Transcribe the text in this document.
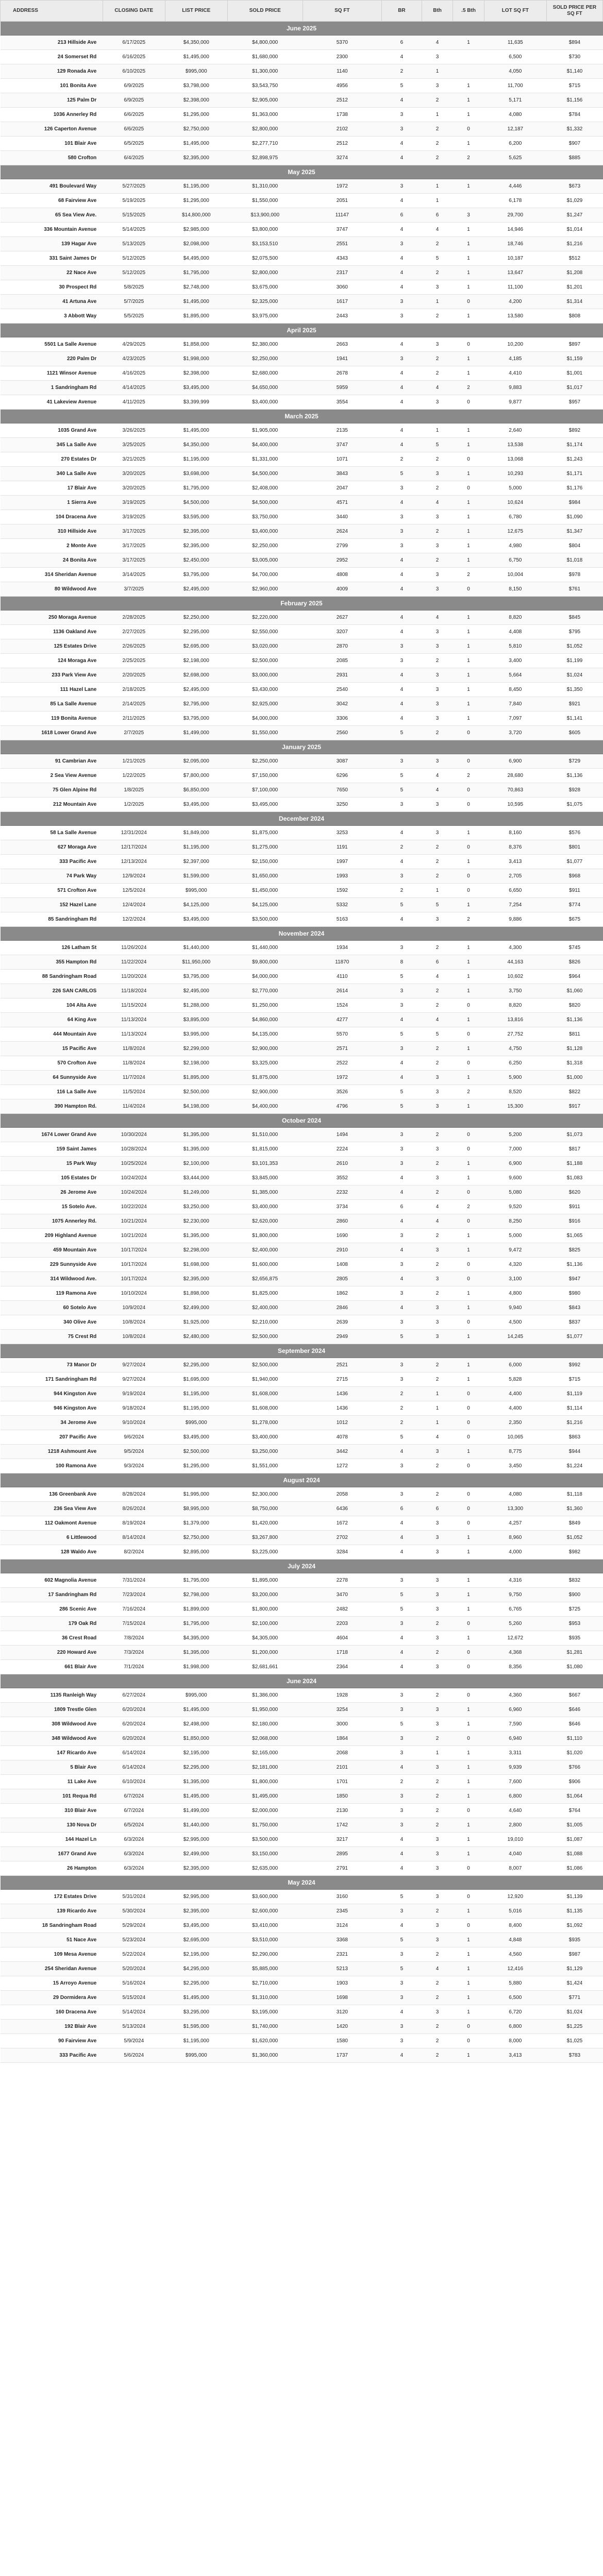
ADDRESS	CLOSING DATE	LIST PRICE	SOLD PRICE	SQ FT	BR	Bth	.5 Bth	LOT SQ FT	SOLD PRICE PER SQ FT
June 2025									
213 Hillside Ave	6/17/2025	$4,350,000	$4,800,000	5370	6	4	1	11,635	$894
24 Somerset Rd	6/16/2025	$1,495,000	$1,680,000	2300	4	3		6,500	$730
129 Ronada Ave	6/10/2025	$995,000	$1,300,000	1140	2	1		4,050	$1,140
101 Bonita Ave	6/9/2025	$3,798,000	$3,543,750	4956	5	3	1	11,700	$715
125 Palm Dr	6/9/2025	$2,398,000	$2,905,000	2512	4	2	1	5,171	$1,156
1036 Annerley Rd	6/6/2025	$1,295,000	$1,363,000	1738	3	1	1	4,080	$784
126 Caperton Avenue	6/6/2025	$2,750,000	$2,800,000	2102	3	2	0	12,187	$1,332
101 Blair Ave	6/5/2025	$1,495,000	$2,277,710	2512	4	2	1	6,200	$907
580 Crofton	6/4/2025	$2,395,000	$2,898,975	3274	4	2	2	5,625	$885
May 2025									
491 Boulevard Way	5/27/2025	$1,195,000	$1,310,000	1972	3	1	1	4,446	$673
68 Fairview Ave	5/19/2025	$1,295,000	$1,550,000	2051	4	1		6,178	$1,029
65 Sea View Ave.	5/15/2025	$14,800,000	$13,900,000	11147	6	6	3	29,700	$1,247
336 Mountain Avenue	5/14/2025	$2,985,000	$3,800,000	3747	4	4	1	14,946	$1,014
139 Hagar Ave	5/13/2025	$2,098,000	$3,153,510	2551	3	2	1	18,746	$1,216
331 Saint James Dr	5/12/2025	$4,495,000	$2,075,500	4343	4	5	1	10,187	$512
22 Nace Ave	5/12/2025	$1,795,000	$2,800,000	2317	4	2	1	13,647	$1,208
30 Prospect Rd	5/8/2025	$2,748,000	$3,675,000	3060	4	3	1	11,100	$1,201
41 Artuna Ave	5/7/2025	$1,495,000	$2,325,000	1617	3	1	0	4,200	$1,314
3 Abbott Way	5/5/2025	$1,895,000	$3,975,000	2443	3	2	1	13,580	$808
April 2025									
5501 La Salle Avenue	4/29/2025	$1,858,000	$2,380,000	2663	4	3	0	10,200	$897
220 Palm Dr	4/23/2025	$1,998,000	$2,250,000	1941	3	2	1	4,185	$1,159
1121 Winsor Avenue	4/16/2025	$2,398,000	$2,680,000	2678	4	2	1	4,410	$1,001
1 Sandringham Rd	4/14/2025	$3,495,000	$4,650,000	5959	4	4	2	9,883	$1,017
41 Lakeview Avenue	4/11/2025	$3,399,999	$3,400,000	3554	4	3	0	9,877	$957
March 2025									
1035 Grand Ave	3/26/2025	$1,495,000	$1,905,000	2135	4	1	1	2,640	$892
345 La Salle Ave	3/25/2025	$4,350,000	$4,400,000	3747	4	5	1	13,538	$1,174
270 Estates Dr	3/21/2025	$1,195,000	$1,331,000	1071	2	2	0	13,068	$1,243
340 La Salle Ave	3/20/2025	$3,698,000	$4,500,000	3843	5	3	1	10,293	$1,171
17 Blair Ave	3/20/2025	$1,795,000	$2,408,000	2047	3	2	0	5,000	$1,176
1 Sierra Ave	3/19/2025	$4,500,000	$4,500,000	4571	4	4	1	10,624	$984
104 Dracena Ave	3/19/2025	$3,595,000	$3,750,000	3440	3	3	1	6,780	$1,090
310 Hillside Ave	3/17/2025	$2,395,000	$3,400,000	2624	3	2	1	12,675	$1,347
2 Monte Ave	3/17/2025	$2,395,000	$2,250,000	2799	3	3	1	4,980	$804
24 Bonita Ave	3/17/2025	$2,450,000	$3,005,000	2952	4	2	1	6,750	$1,018
314 Sheridan Avenue	3/14/2025	$3,795,000	$4,700,000	4808	4	3	2	10,004	$978
80 Wildwood Ave	3/7/2025	$2,495,000	$2,960,000	4009	4	3	0	8,150	$761
February 2025									
250 Moraga Avenue	2/28/2025	$2,250,000	$2,220,000	2627	4	4	1	8,820	$845
1136 Oakland Ave	2/27/2025	$2,295,000	$2,550,000	3207	4	3	1	4,408	$795
125 Estates Drive	2/26/2025	$2,695,000	$3,020,000	2870	3	3	1	5,810	$1,052
124 Moraga Ave	2/25/2025	$2,198,000	$2,500,000	2085	3	2	1	3,400	$1,199
233 Park View Ave	2/20/2025	$2,698,000	$3,000,000	2931	4	3	1	5,664	$1,024
111 Hazel Lane	2/18/2025	$2,495,000	$3,430,000	2540	4	3	1	8,450	$1,350
85 La Salle Avenue	2/14/2025	$2,795,000	$2,925,000	3042	4	3	1	7,840	$921
119 Bonita Avenue	2/11/2025	$3,795,000	$4,000,000	3306	4	3	1	7,097	$1,141
1618 Lower Grand Ave	2/7/2025	$1,499,000	$1,550,000	2560	5	2	0	3,720	$605
January 2025									
91 Cambrian Ave	1/21/2025	$2,095,000	$2,250,000	3087	3	3	0	6,900	$729
2 Sea View Avenue	1/22/2025	$7,800,000	$7,150,000	6296	5	4	2	28,680	$1,136
75 Glen Alpine Rd	1/8/2025	$6,850,000	$7,100,000	7650	5	4	0	70,863	$928
212 Mountain Ave	1/2/2025	$3,495,000	$3,495,000	3250	3	3	0	10,595	$1,075
December 2024									
58 La Salle Avenue	12/31/2024	$1,849,000	$1,875,000	3253	4	3	1	8,160	$576
627 Moraga Ave	12/17/2024	$1,195,000	$1,275,000	1191	2	2	0	8,376	$801
333 Pacific Ave	12/13/2024	$2,397,000	$2,150,000	1997	4	2	1	3,413	$1,077
74 Park Way	12/9/2024	$1,599,000	$1,650,000	1993	3	2	0	2,705	$968
571 Crofton Ave	12/5/2024	$995,000	$1,450,000	1592	2	1	0	6,650	$911
152 Hazel Lane	12/4/2024	$4,125,000	$4,125,000	5332	5	5	1	7,254	$774
85 Sandringham Rd	12/2/2024	$3,495,000	$3,500,000	5163	4	3	2	9,886	$675
November 2024									
126 Latham St	11/26/2024	$1,440,000	$1,440,000	1934	3	2	1	4,300	$745
355 Hampton Rd	11/22/2024	$11,950,000	$9,800,000	11870	8	6	1	44,163	$826
88 Sandringham Road	11/20/2024	$3,795,000	$4,000,000	4110	5	4	1	10,602	$964
226 SAN CARLOS	11/18/2024	$2,495,000	$2,770,000	2614	3	2	1	3,750	$1,060
104 Alta Ave	11/15/2024	$1,288,000	$1,250,000	1524	3	2	0	8,820	$820
64 King Ave	11/13/2024	$3,895,000	$4,860,000	4277	4	4	1	13,816	$1,136
444 Mountain Ave	11/13/2024	$3,995,000	$4,135,000	5570	5	5	0	27,752	$811
15 Pacific Ave	11/8/2024	$2,299,000	$2,900,000	2571	3	2	1	4,750	$1,128
570 Crofton Ave	11/8/2024	$2,198,000	$3,325,000	2522	4	2	0	6,250	$1,318
64 Sunnyside Ave	11/7/2024	$1,895,000	$1,875,000	1972	4	3	1	5,900	$1,000
116 La Salle Ave	11/5/2024	$2,500,000	$2,900,000	3526	5	3	2	8,520	$822
390 Hampton Rd.	11/4/2024	$4,198,000	$4,400,000	4796	5	3	1	15,300	$917
October 2024									
1674 Lower Grand Ave	10/30/2024	$1,395,000	$1,510,000	1494	3	2	0	5,200	$1,073
159 Saint James	10/28/2024	$1,395,000	$1,815,000	2224	3	3	0	7,000	$817
15 Park Way	10/25/2024	$2,100,000	$3,101,353	2610	3	2	1	6,900	$1,188
105 Estates Dr	10/24/2024	$3,444,000	$3,845,000	3552	4	3	1	9,600	$1,083
26 Jerome Ave	10/24/2024	$1,249,000	$1,385,000	2232	4	2	0	5,080	$620
15 Sotelo Ave.	10/22/2024	$3,250,000	$3,400,000	3734	6	4	2	9,520	$911
1075 Annerley Rd.	10/21/2024	$2,230,000	$2,620,000	2860	4	4	0	8,250	$916
209 Highland Avenue	10/21/2024	$1,395,000	$1,800,000	1690	3	2	1	5,000	$1,065
459 Mountain Ave	10/17/2024	$2,298,000	$2,400,000	2910	4	3	1	9,472	$825
229 Sunnyside Ave	10/17/2024	$1,698,000	$1,600,000	1408	3	2	0	4,320	$1,136
314 Wildwood Ave.	10/17/2024	$2,395,000	$2,656,875	2805	4	3	0	3,100	$947
119 Ramona Ave	10/10/2024	$1,898,000	$1,825,000	1862	3	2	1	4,800	$980
60 Sotelo Ave	10/9/2024	$2,499,000	$2,400,000	2846	4	3	1	9,940	$843
340 Olive Ave	10/8/2024	$1,925,000	$2,210,000	2639	3	3	0	4,500	$837
75 Crest Rd	10/8/2024	$2,480,000	$2,500,000	2949	5	3	1	14,245	$1,077
September 2024									
73 Manor Dr	9/27/2024	$2,295,000	$2,500,000	2521	3	2	1	6,000	$992
171 Sandringham Rd	9/27/2024	$1,695,000	$1,940,000	2715	3	2	1	5,828	$715
944 Kingston Ave	9/19/2024	$1,195,000	$1,608,000	1436	2	1	0	4,400	$1,119
946 Kingston Ave	9/18/2024	$1,195,000	$1,608,000	1436	2	1	0	4,400	$1,114
34 Jerome Ave	9/10/2024	$995,000	$1,278,000	1012	2	1	0	2,350	$1,216
207 Pacific Ave	9/6/2024	$3,495,000	$3,400,000	4078	5	4	0	10,065	$863
1218 Ashmount Ave	9/5/2024	$2,500,000	$3,250,000	3442	4	3	1	8,775	$944
100 Ramona Ave	9/3/2024	$1,295,000	$1,551,000	1272	3	2	0	3,450	$1,224
August 2024									
136 Greenbank Ave	8/28/2024	$1,995,000	$2,300,000	2058	3	2	0	4,080	$1,118
236 Sea View Ave	8/26/2024	$8,995,000	$8,750,000	6436	6	6	0	13,300	$1,360
112 Oakmont Avenue	8/19/2024	$1,379,000	$1,420,000	1672	4	3	0	4,257	$849
6 Littlewood	8/14/2024	$2,750,000	$3,267,800	2702	4	3	1	8,960	$1,052
128 Waldo Ave	8/2/2024	$2,895,000	$3,225,000	3284	4	3	1	4,000	$982
July 2024									
602 Magnolia Avenue	7/31/2024	$1,795,000	$1,895,000	2278	3	3	1	4,316	$832
17 Sandringham Rd	7/23/2024	$2,798,000	$3,200,000	3470	5	3	1	9,750	$900
286 Scenic Ave	7/16/2024	$1,899,000	$1,800,000	2482	5	3	1	6,765	$725
179 Oak Rd	7/15/2024	$1,795,000	$2,100,000	2203	3	2	0	5,260	$953
36 Crest Road	7/8/2024	$4,395,000	$4,305,000	4604	4	3	1	12,672	$935
220 Howard Ave	7/3/2024	$1,395,000	$1,200,000	1718	4	2	0	4,368	$1,281
661 Blair Ave	7/1/2024	$1,998,000	$2,681,661	2364	4	3	0	8,356	$1,080
June 2024									
1135 Ranleigh Way	6/27/2024	$995,000	$1,386,000	1928	3	2	0	4,360	$667
1809 Trestle Glen	6/20/2024	$1,495,000	$1,950,000	3254	3	3	1	6,960	$646
308 Wildwood Ave	6/20/2024	$2,498,000	$2,180,000	3000	5	3	1	7,590	$646
348 Wildwood Ave	6/20/2024	$1,850,000	$2,068,000	1864	3	2	0	6,940	$1,110
147 Ricardo Ave	6/14/2024	$2,195,000	$2,165,000	2068	3	1	1	3,311	$1,020
5 Blair Ave	6/14/2024	$2,295,000	$2,181,000	2101	4	3	1	9,939	$766
11 Lake Ave	6/10/2024	$1,395,000	$1,800,000	1701	2	2	1	7,600	$906
101 Requa Rd	6/7/2024	$1,495,000	$1,495,000	1850	3	2	1	6,800	$1,064
310 Blair Ave	6/7/2024	$1,499,000	$2,000,000	2130	3	2	0	4,640	$764
130 Nova Dr	6/5/2024	$1,440,000	$1,750,000	1742	3	2	1	2,800	$1,005
144 Hazel Ln	6/3/2024	$2,995,000	$3,500,000	3217	4	3	1	19,010	$1,087
1677 Grand Ave	6/3/2024	$2,499,000	$3,150,000	2895	4	3	1	4,040	$1,088
26 Hampton	6/3/2024	$2,395,000	$2,635,000	2791	4	3	0	8,007	$1,086
May 2024									
172 Estates Drive	5/31/2024	$2,995,000	$3,600,000	3160	5	3	0	12,920	$1,139
139 Ricardo Ave	5/30/2024	$2,395,000	$2,600,000	2345	3	2	1	5,016	$1,135
18 Sandringham Road	5/29/2024	$3,495,000	$3,410,000	3124	4	3	0	8,400	$1,092
51 Nace Ave	5/23/2024	$2,695,000	$3,510,000	3368	5	3	1	4,848	$935
109 Mesa Avenue	5/22/2024	$2,195,000	$2,290,000	2321	3	2	1	4,560	$987
254 Sheridan Avenue	5/20/2024	$4,295,000	$5,885,000	5213	5	4	1	12,416	$1,129
15 Arroyo Avenue	5/16/2024	$2,295,000	$2,710,000	1903	3	2	1	5,880	$1,424
29 Dormidera Ave	5/15/2024	$1,495,000	$1,310,000	1698	3	2	1	6,500	$771
160 Dracena Ave	5/14/2024	$3,295,000	$3,195,000	3120	4	3	1	6,720	$1,024
192 Blair Ave	5/13/2024	$1,595,000	$1,740,000	1420	3	2	0	6,800	$1,225
90 Fairview Ave	5/9/2024	$1,195,000	$1,620,000	1580	3	2	0	8,000	$1,025
333 Pacific Ave	5/6/2024	$995,000	$1,360,000	1737	4	2	1	3,413	$783
